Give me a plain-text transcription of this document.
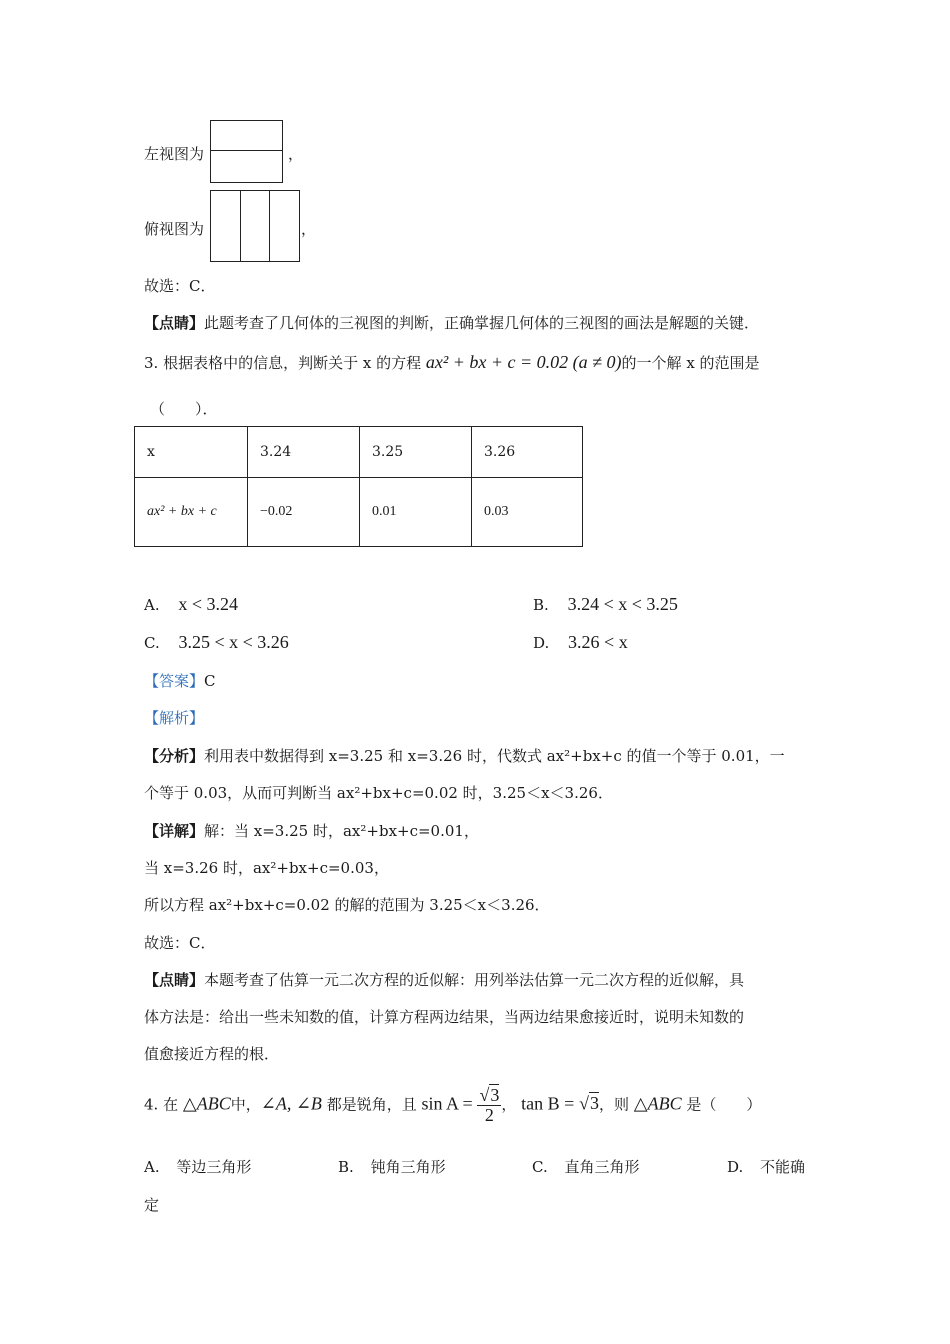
左视图为	，
俯视图为	，
故选：C．
【点睛】此题考查了几何体的三视图的判断，正确掌握几何体的三视图的画法是解题的关键．
3. 根据表格中的信息，判断关于 x 的方程 ax² + bx + c = 0.02 (a ≠ 0)的一个解 x 的范围是
（　　）．
x	3.24	3.25	3.26
ax² + bx + c	−0.02	0.01	0.03
A. x < 3.24	B. 3.24 < x < 3.25
C. 3.25 < x < 3.26	D. 3.26 < x
【答案】C
【解析】
【分析】利用表中数据得到 x=3.25 和 x=3.26 时，代数式 ax²+bx+c 的值一个等于 0.01，一
个等于 0.03，从而可判断当 ax²+bx+c=0.02 时，3.25＜x＜3.26．
【详解】解：当 x=3.25 时，ax²+bx+c=0.01，
当 x=3.26 时，ax²+bx+c=0.03，
所以方程 ax²+bx+c=0.02 的解的范围为 3.25＜x＜3.26．
故选：C．
【点睛】本题考查了估算一元二次方程的近似解：用列举法估算一元二次方程的近似解，具
体方法是：给出一些未知数的值，计算方程两边结果，当两边结果愈接近时，说明未知数的
值愈接近方程的根．
4. 在 △ABC中，∠A, ∠B 都是锐角，且 $\sin A = \frac{√3}{2}$ ， tan B = √3，则 △ABC 是（　　）
A. 等边三角形	B. 钝角三角形	C. 直角三角形	D. 不能确
定
